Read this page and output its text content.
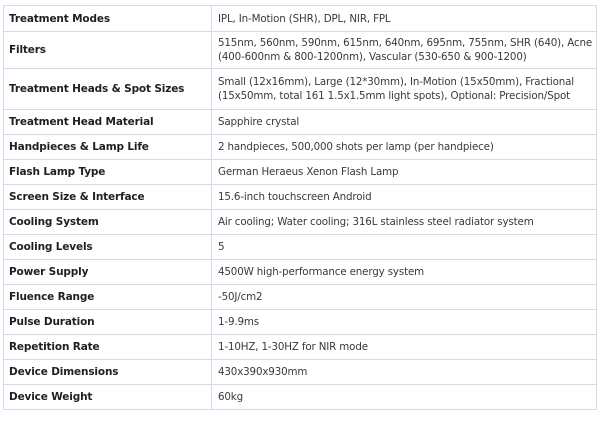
Treatment Modes	IPL, In-Motion (SHR), DPL, NIR, FPL
Filters	515nm, 560nm, 590nm, 615nm, 640nm, 695nm, 755nm, SHR (640), Acne (400-600nm & 800-1200nm), Vascular (530-650 & 900-1200)
Treatment Heads & Spot Sizes	Small (12x16mm), Large (12*30mm), In-Motion (15x50mm), Fractional (15x50mm, total 161 1.5x1.5mm light spots), Optional: Precision/Spot
Treatment Head Material	Sapphire crystal
Handpieces & Lamp Life	2 handpieces, 500,000 shots per lamp (per handpiece)
Flash Lamp Type	German Heraeus Xenon Flash Lamp
Screen Size & Interface	15.6-inch touchscreen Android
Cooling System	Air cooling; Water cooling; 316L stainless steel radiator system
Cooling Levels	5
Power Supply	4500W high-performance energy system
Fluence Range	-50J/cm2
Pulse Duration	1-9.9ms
Repetition Rate	1-10HZ, 1-30HZ for NIR mode
Device Dimensions	430x390x930mm
Device Weight	60kg
